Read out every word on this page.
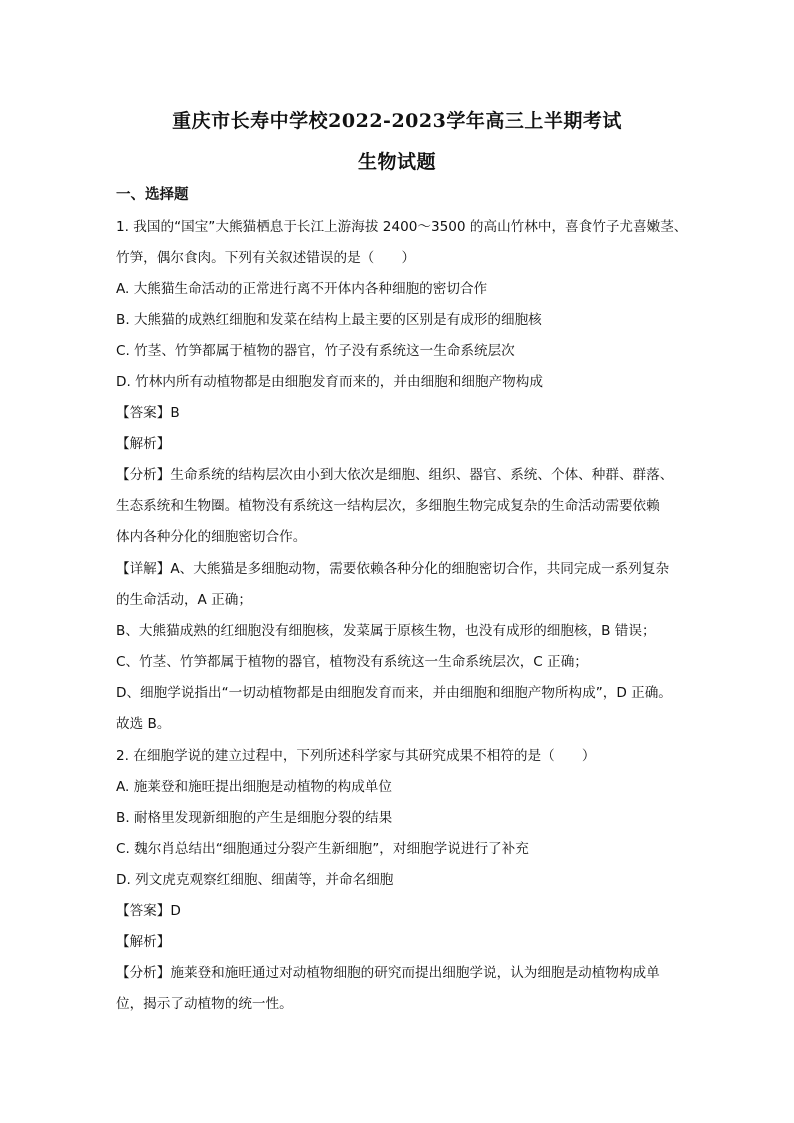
重庆市长寿中学校2022-2023学年高三上半期考试
生物试题
一、选择题
1. 我国的“国宝”大熊猫栖息于长江上游海拔 2400～3500 的高山竹林中，喜食竹子尤喜嫩茎、
竹笋，偶尔食肉。下列有关叙述错误的是（　　）
A. 大熊猫生命活动的正常进行离不开体内各种细胞的密切合作
B. 大熊猫的成熟红细胞和发菜在结构上最主要的区别是有成形的细胞核
C. 竹茎、竹笋都属于植物的器官，竹子没有系统这一生命系统层次
D. 竹林内所有动植物都是由细胞发育而来的，并由细胞和细胞产物构成
【答案】B
【解析】
【分析】生命系统的结构层次由小到大依次是细胞、组织、器官、系统、个体、种群、群落、
生态系统和生物圈。植物没有系统这一结构层次，多细胞生物完成复杂的生命活动需要依赖
体内各种分化的细胞密切合作。
【详解】A、大熊猫是多细胞动物，需要依赖各种分化的细胞密切合作，共同完成一系列复杂
的生命活动，A 正确；
B、大熊猫成熟的红细胞没有细胞核，发菜属于原核生物，也没有成形的细胞核，B 错误；
C、竹茎、竹笋都属于植物的器官，植物没有系统这一生命系统层次，C 正确；
D、细胞学说指出“一切动植物都是由细胞发育而来，并由细胞和细胞产物所构成”，D 正确。
故选 B。
2. 在细胞学说的建立过程中，下列所述科学家与其研究成果不相符的是（　　）
A. 施莱登和施旺提出细胞是动植物的构成单位
B. 耐格里发现新细胞的产生是细胞分裂的结果
C. 魏尔肖总结出“细胞通过分裂产生新细胞”，对细胞学说进行了补充
D. 列文虎克观察红细胞、细菌等，并命名细胞
【答案】D
【解析】
【分析】施莱登和施旺通过对动植物细胞的研究而提出细胞学说，认为细胞是动植物构成单
位，揭示了动植物的统一性。
